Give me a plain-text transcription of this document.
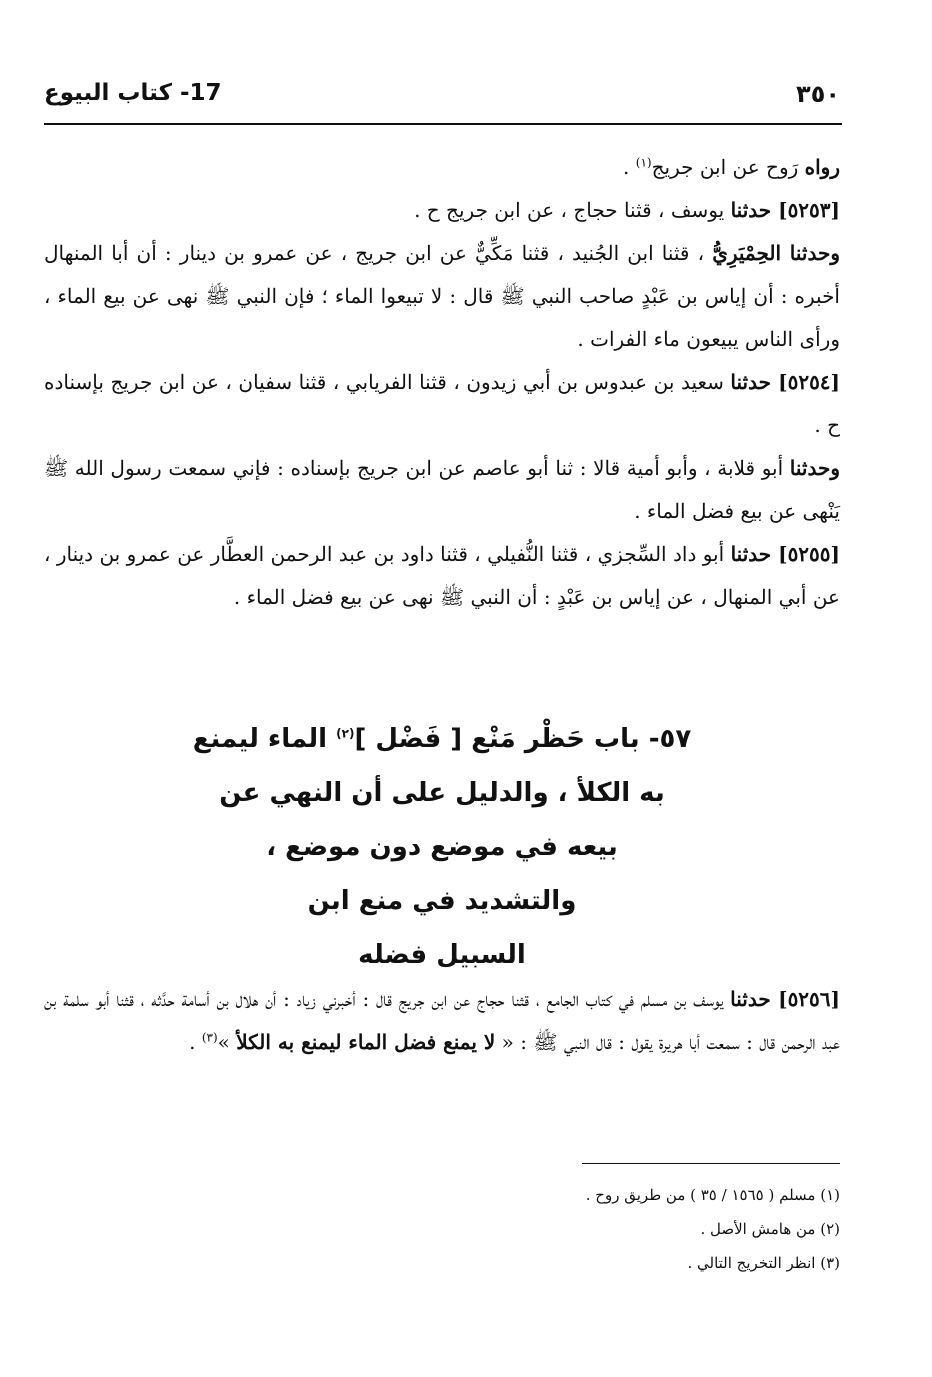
٣٥٠
17- كتاب البيوع

رواه رَوح عن ابن جريج$^{(١)}$ .

[٥٢٥٣] حدثنا يوسف ، قثنا حجاج ، عن ابن جريج ح .

وحدثنا الحِمْيَرِيُّ ، قثنا ابن الجُنيد ، قثنا مَكِّيٌّ عن ابن جريج ، عن عمرو بن دينار : أن أبا المنهال أخبره : أن إياس بن عَبْدٍ صاحب النبي ﷺ قال : لا تبيعوا الماء ؛ فإن النبي ﷺ نهى عن بيع الماء ، ورأى الناس يبيعون ماء الفرات .

[٥٢٥٤] حدثنا سعيد بن عبدوس بن أبي زيدون ، قثنا الفريابي ، قثنا سفيان ، عن ابن جريج بإسناده ح .

وحدثنا أبو قلابة ، وأبو أمية قالا : ثنا أبو عاصم عن ابن جريج بإسناده : فإني سمعت رسول الله ﷺ يَنْهى عن بيع فضل الماء .

[٥٢٥٥] حدثنا أبو داد السِّجزي ، قثنا النُّفيلي ، قثنا داود بن عبد الرحمن العطَّار عن عمرو بن دينار ، عن أبي المنهال ، عن إياس بن عَبْدٍ : أن النبي ﷺ نهى عن بيع فضل الماء .

٥٧- باب حَظْر مَنْع [ فَضْل ]$^{(٢)}$ الماء ليمنع
به الكلأ ، والدليل على أن النهي عن
بيعه في موضع دون موضع ،
والتشديد في منع ابن
السبيل فضله

[٥٢٥٦] حدثنا يوسف بن مسلم في كتاب الجامع ، قثنا حجاج عن ابن جريج قال : أخبرني زياد : أن هلال بن أسامة حدَّثه ، قثنا أبو سلمة بن عبد الرحمن قال : سمعت أبا هريرة يقول : قال النبي ﷺ : « لا يمنع فضل الماء ليمنع به الكلأ »$^{(٣)}$ .

(١) مسلم ( ١٥٦٥ / ٣٥ ) من طريق روح .

(٢) من هامش الأصل .

(٣) انظر التخريج التالي .
